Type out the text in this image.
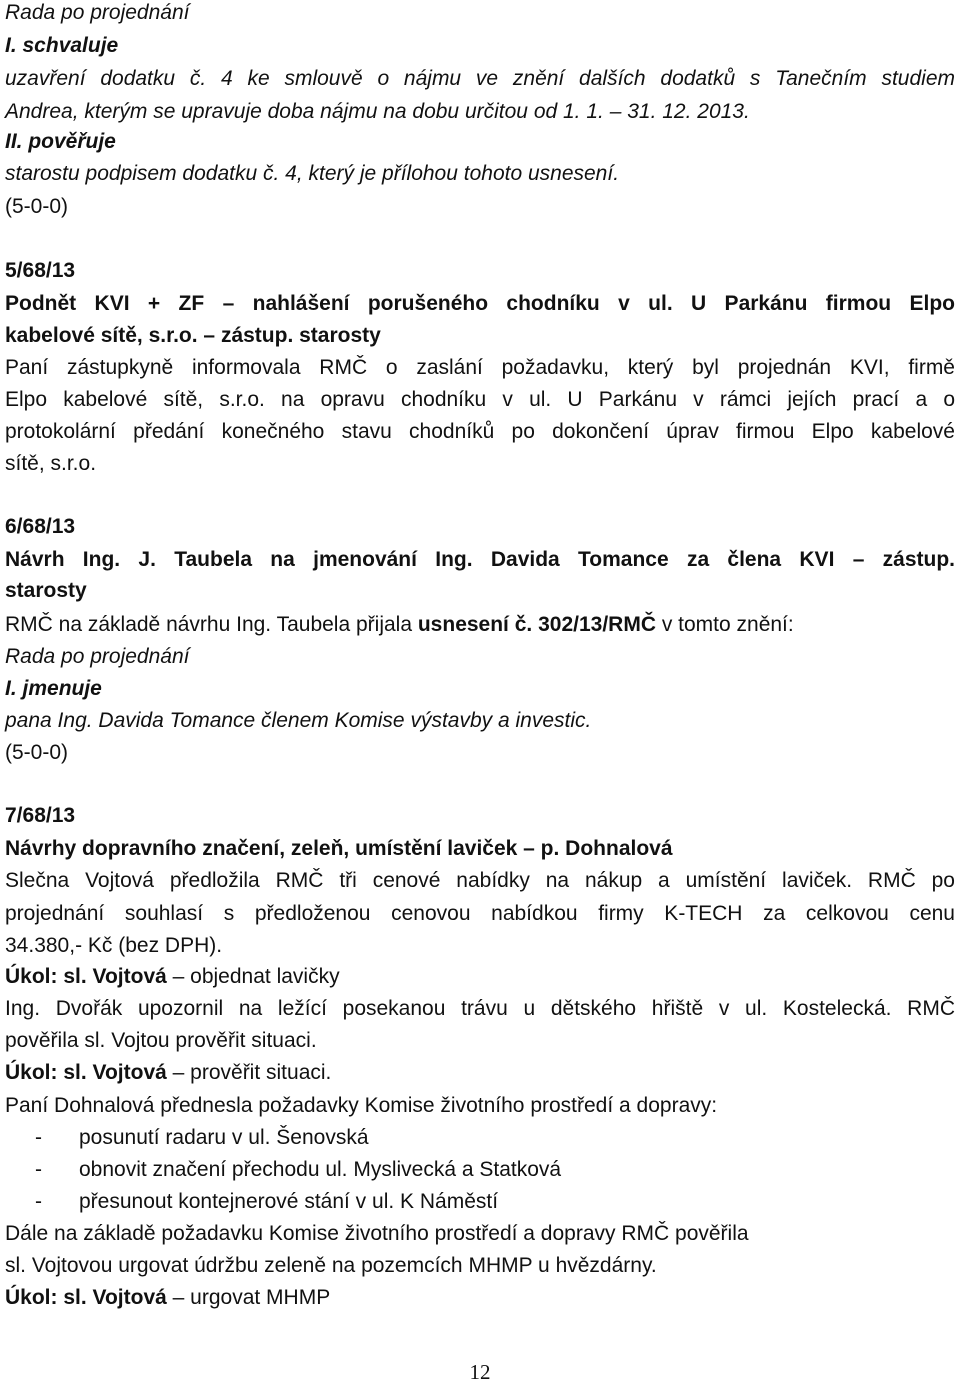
Rada po projednání
I. schvaluje
uzavření dodatku č. 4 ke smlouvě o nájmu ve znění dalších dodatků s Tanečním studiem
Andrea, kterým se upravuje doba nájmu na dobu určitou od 1. 1. – 31. 12. 2013.
II. pověřuje
starostu podpisem dodatku č. 4, který je přílohou tohoto usnesení.
(5-0-0)
5/68/13
Podnět KVI + ZF – nahlášení porušeného chodníku v ul. U Parkánu firmou Elpo
kabelové sítě, s.r.o. – zástup. starosty
Paní zástupkyně informovala RMČ o zaslání požadavku, který byl projednán KVI, firmě
Elpo kabelové sítě, s.r.o. na opravu chodníku v ul. U Parkánu v rámci jejích prací a o
protokolární předání konečného stavu chodníků po dokončení úprav firmou Elpo kabelové
sítě, s.r.o.
6/68/13
Návrh Ing. J. Taubela na jmenování Ing. Davida Tomance za člena KVI – zástup.
starosty
RMČ na základě návrhu Ing. Taubela přijala usnesení č. 302/13/RMČ v tomto znění:
Rada po projednání
I. jmenuje
pana Ing. Davida Tomance členem Komise výstavby a investic.
(5-0-0)
7/68/13
Návrhy dopravního značení, zeleň, umístění laviček – p. Dohnalová
Slečna Vojtová předložila RMČ tři cenové nabídky na nákup a umístění laviček. RMČ po
projednání souhlasí s předloženou cenovou nabídkou firmy K-TECH za celkovou cenu
34.380,- Kč (bez DPH).
Úkol: sl. Vojtová – objednat lavičky
Ing. Dvořák upozornil na ležící posekanou trávu u dětského hřiště v ul. Kostelecká. RMČ
pověřila sl. Vojtou prověřit situaci.
Úkol: sl. Vojtová – prověřit situaci.
Paní Dohnalová přednesla požadavky Komise životního prostředí a dopravy:
- posunutí radaru v ul. Šenovská
- obnovit značení přechodu ul. Myslivecká a Statková
- přesunout kontejnerové stání v ul. K Náměstí
Dále na základě požadavku Komise životního prostředí a dopravy RMČ pověřila
sl. Vojtovou urgovat údržbu zeleně na pozemcích MHMP u hvězdárny.
Úkol: sl. Vojtová – urgovat MHMP
12
